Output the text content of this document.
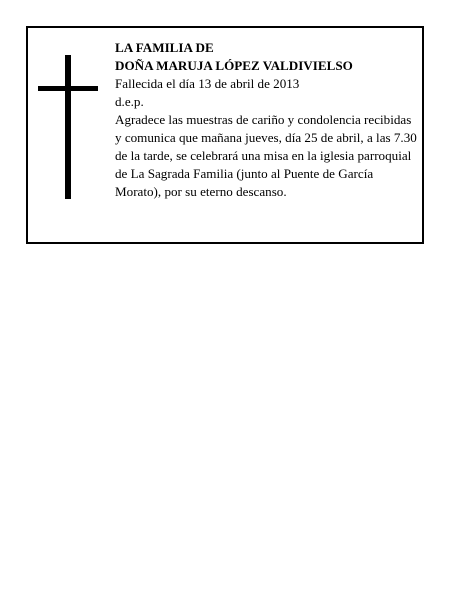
LA FAMILIA DE
DOÑA MARUJA LÓPEZ VALDIVIELSO
Fallecida el día 13 de abril de 2013
d.e.p.
Agradece las muestras de cariño y condolencia recibidas y comunica que mañana jueves, día 25 de abril, a las 7.30 de la tarde, se celebrará una misa en la iglesia parroquial de La Sagrada Familia (junto al Puente de García Morato), por su eterno descanso.
